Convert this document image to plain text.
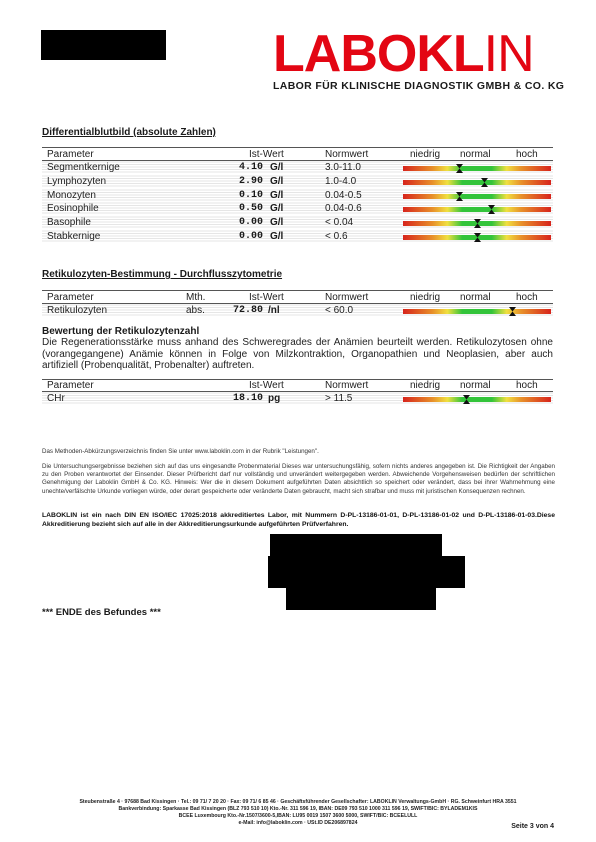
LABOKLIN
LABOR FÜR KLINISCHE DIAGNOSTIK GMBH & CO. KG
Differentialblutbild (absolute Zahlen)
Parameter	Ist-Wert	Normwert	niedrig normal	hoch
Segmentkernige	4.10 G/l	3.0-11.0
Lymphozyten	2.90 G/l	1.0-4.0
Monozyten	0.10 G/l	0.04-0.5
Eosinophile	0.50 G/l	0.04-0.6
Basophile	0.00 G/l	< 0.04
Stabkernige	0.00 G/l	< 0.6
Retikulozyten-Bestimmung - Durchflusszytometrie
Parameter	Mth.	Ist-Wert	Normwert	niedrig normal	hoch
Retikulozyten	abs.	72.80 /nl	< 60.0
Bewertung der Retikulozytenzahl
Die Regenerationsstärke muss anhand des Schweregrades der Anämien beurteilt werden. Retikulozytosen ohne (vorangegangene) Anämie können in Folge von Milzkontraktion, Organopathien und Neoplasien, aber auch artifiziell (Probenqualität, Probenalter) auftreten.
Parameter	Ist-Wert	Normwert	niedrig normal	hoch
CHr	18.10 pg	> 11.5
Das Methoden-Abkürzungsverzeichnis finden Sie unter www.laboklin.com in der Rubrik "Leistungen".
Die Untersuchungsergebnisse beziehen sich auf das uns eingesandte Probenmaterial Dieses war untersuchungsfähig, sofern nichts anderes angegeben ist. Die Richtigkeit der Angaben zu den Proben verantwortet der Einsender. Dieser Prüfbericht darf nur vollständig und unverändert weitergegeben werden. Abweichende Vorgehensweisen bedürfen der schriftlichen Genehmigung der Laboklin GmbH & Co. KG. Hinweis: Wer die in diesem Dokument aufgeführten Daten absichtlich so speichert oder verändert, dass bei ihrer Wahrnehmung eine unechte/verfälschte Urkunde vorliegen würde, oder derart gespeicherte oder veränderte Daten gebraucht, macht sich strafbar und muss mit juristischen Konsequenzen rechnen.
LABOKLIN ist ein nach DIN EN ISO/IEC 17025:2018 akkreditiertes Labor, mit Nummern D-PL-13186-01-01, D-PL-13186-01-02 und D-PL-13186-01-03.Diese Akkreditierung bezieht sich auf alle in der Akkreditierungsurkunde aufgeführten Prüfverfahren.
*** ENDE des Befundes ***
Steubenstraße 4 · 97688 Bad Kissingen · Tel.: 09 71/ 7 20 20 · Fax: 09 71/ 6 85 46 · Geschäftsführender Gesellschafter: LABOKLIN Verwaltungs-GmbH · RG. Schweinfurt HRA 3551
Bankverbindung: Sparkasse Bad Kissingen (BLZ 793 510 10) Kto.-Nr. 311 596 19, IBAN: DE09 793 510 1000 311 596 19, SWIFT/BIC: BYLADEM1KIS
BCEE Luxembourg Kto.-Nr.1507/3600-5,IBAN: LU95 0019 1507 3600 5000, SWIFT/BIC: BCEELULL
e-Mail: info@laboklin.com · USt.ID DE206897824	Seite 3 von 4
